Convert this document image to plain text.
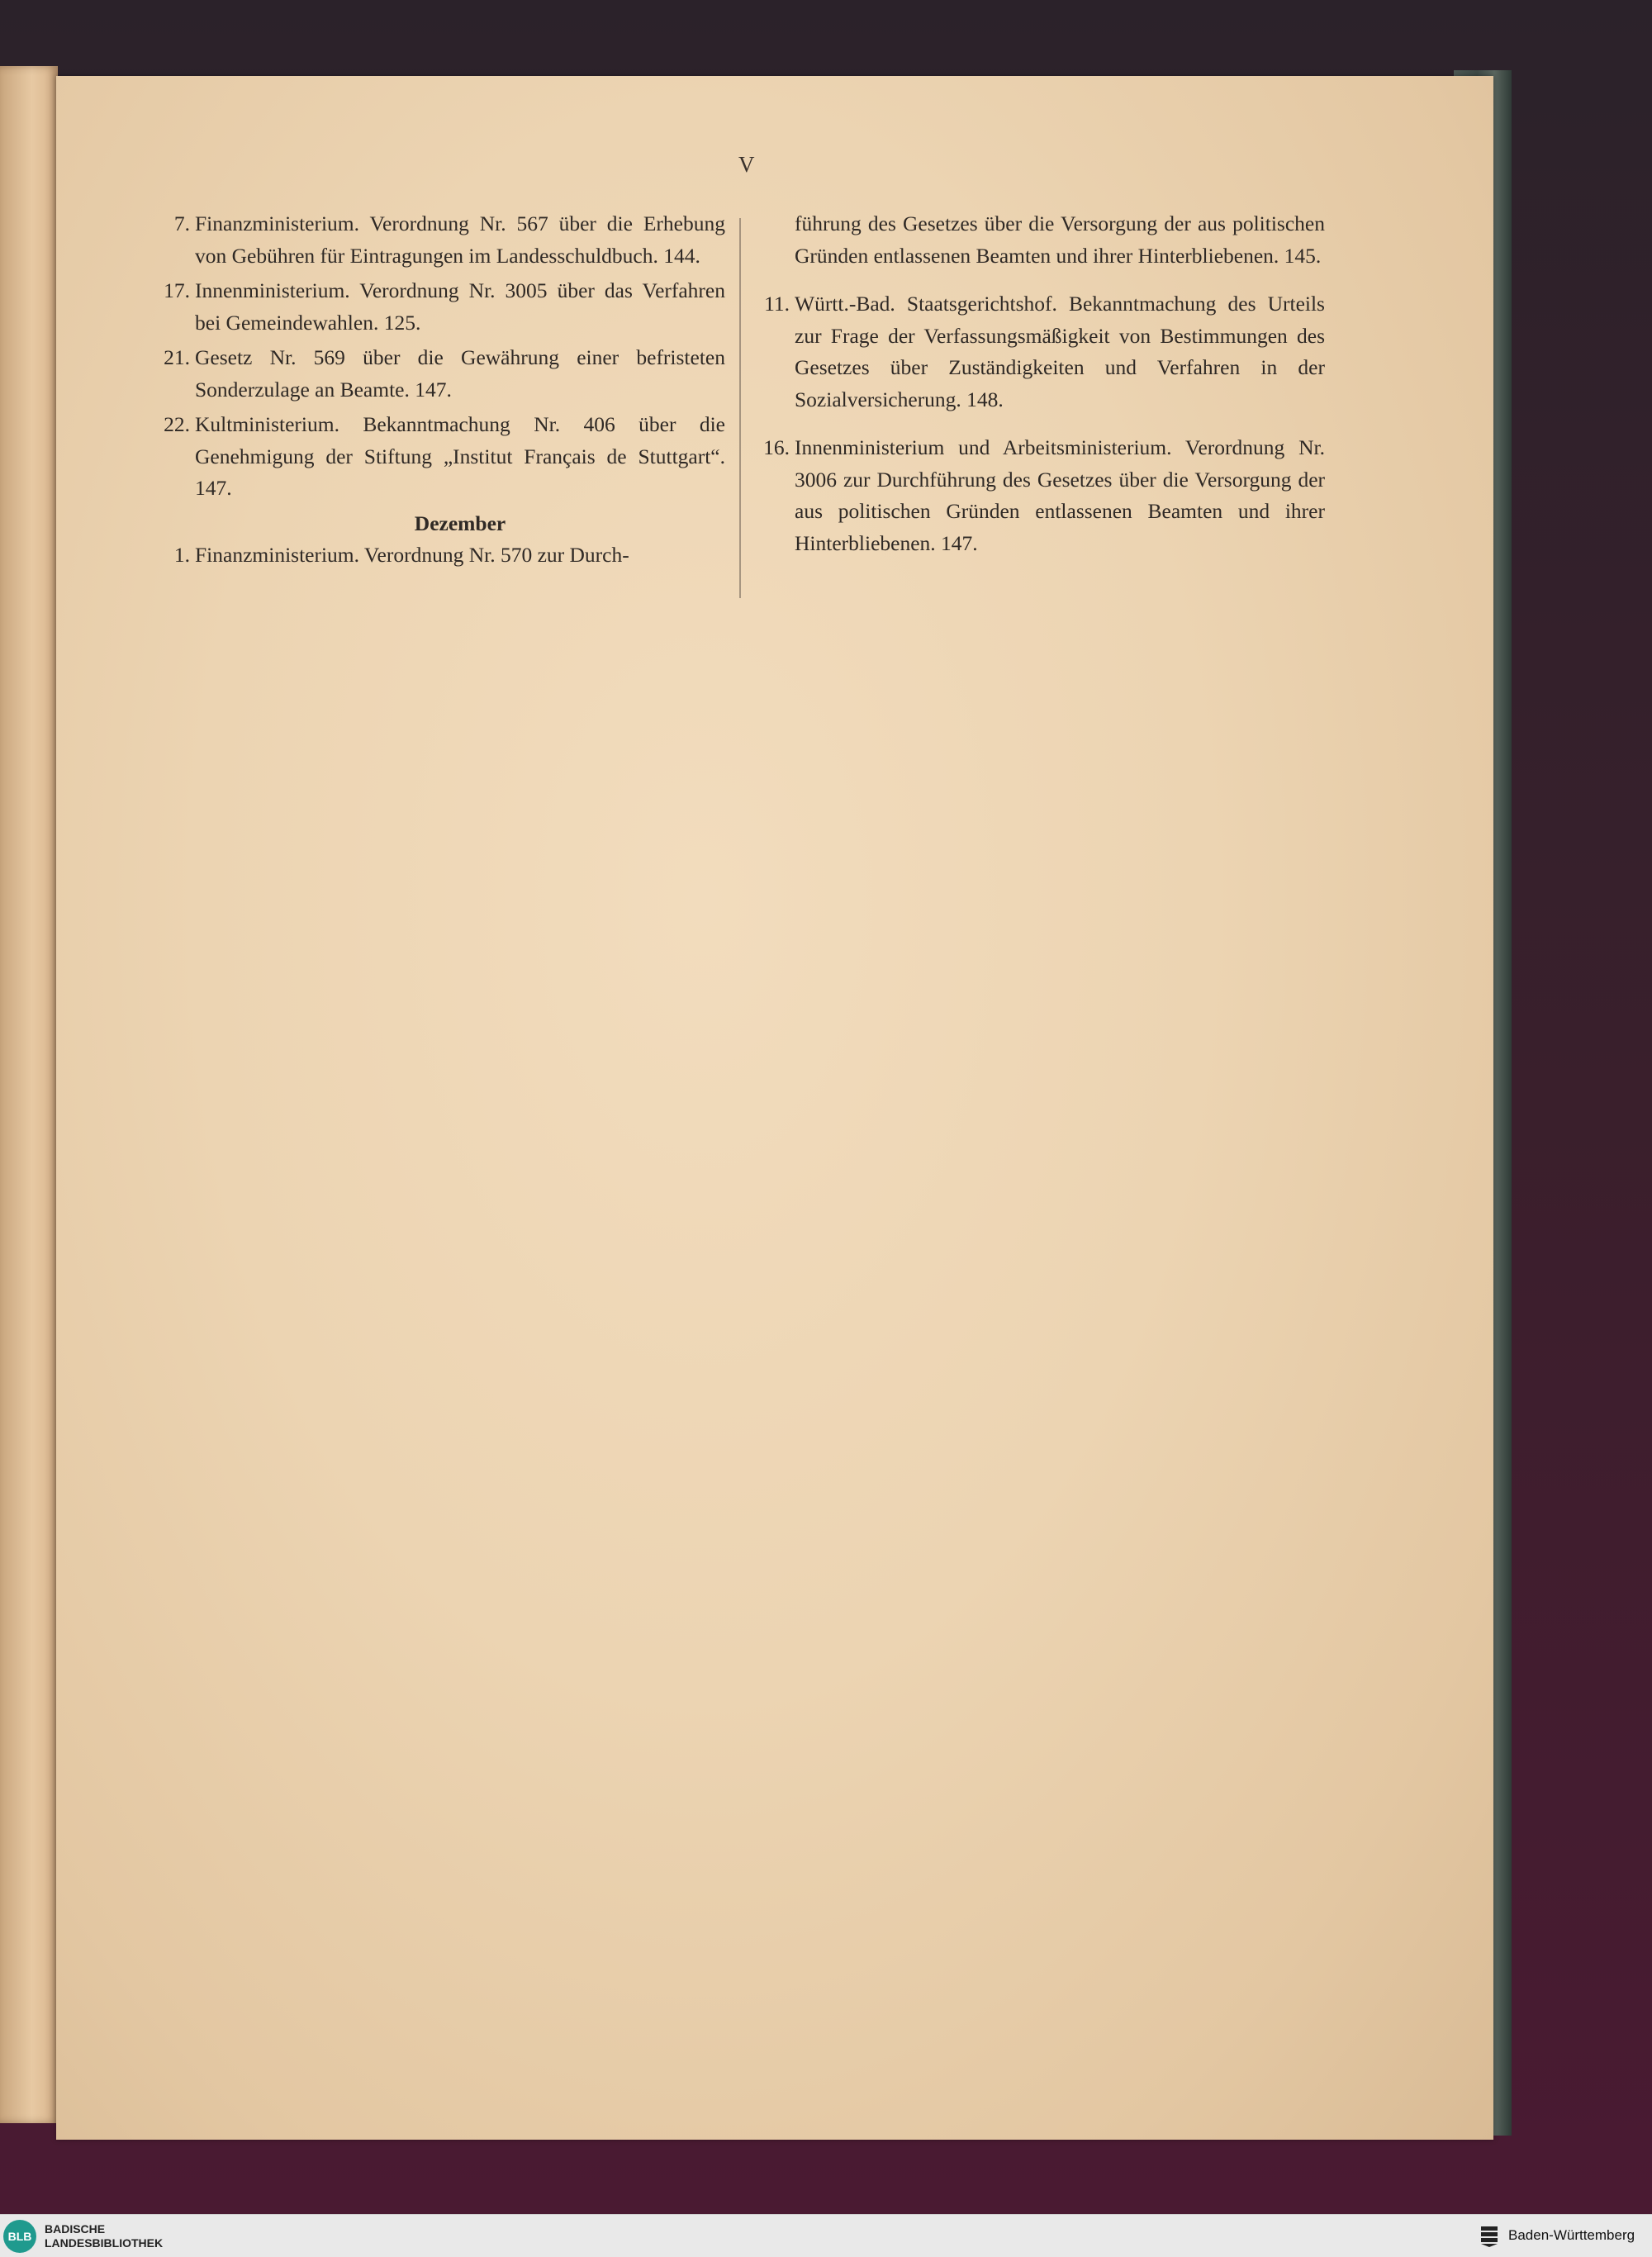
V
7. Finanzministerium. Verordnung Nr. 567 über die Erhebung von Gebühren für Eintragungen im Landesschuldbuch. 144.
17. Innenministerium. Verordnung Nr. 3005 über das Verfahren bei Gemeindewahlen. 125.
21. Gesetz Nr. 569 über die Gewährung einer befristeten Sonderzulage an Beamte. 147.
22. Kultministerium. Bekanntmachung Nr. 406 über die Genehmigung der Stiftung „Institut Français de Stuttgart“. 147.
Dezember
1. Finanzministerium. Verordnung Nr. 570 zur Durch-
führung des Gesetzes über die Versorgung der aus politischen Gründen entlassenen Beamten und ihrer Hinterbliebenen. 145.
11. Württ.-Bad. Staatsgerichtshof. Bekanntmachung des Urteils zur Frage der Verfassungsmäßigkeit von Bestimmungen des Gesetzes über Zuständigkeiten und Verfahren in der Sozialversicherung. 148.
16. Innenministerium und Arbeitsministerium. Verordnung Nr. 3006 zur Durchführung des Gesetzes über die Versorgung der aus politischen Gründen entlassenen Beamten und ihrer Hinterbliebenen. 147.
BLB
BADISCHE
LANDESBIBLIOTHEK	Baden-Württemberg
